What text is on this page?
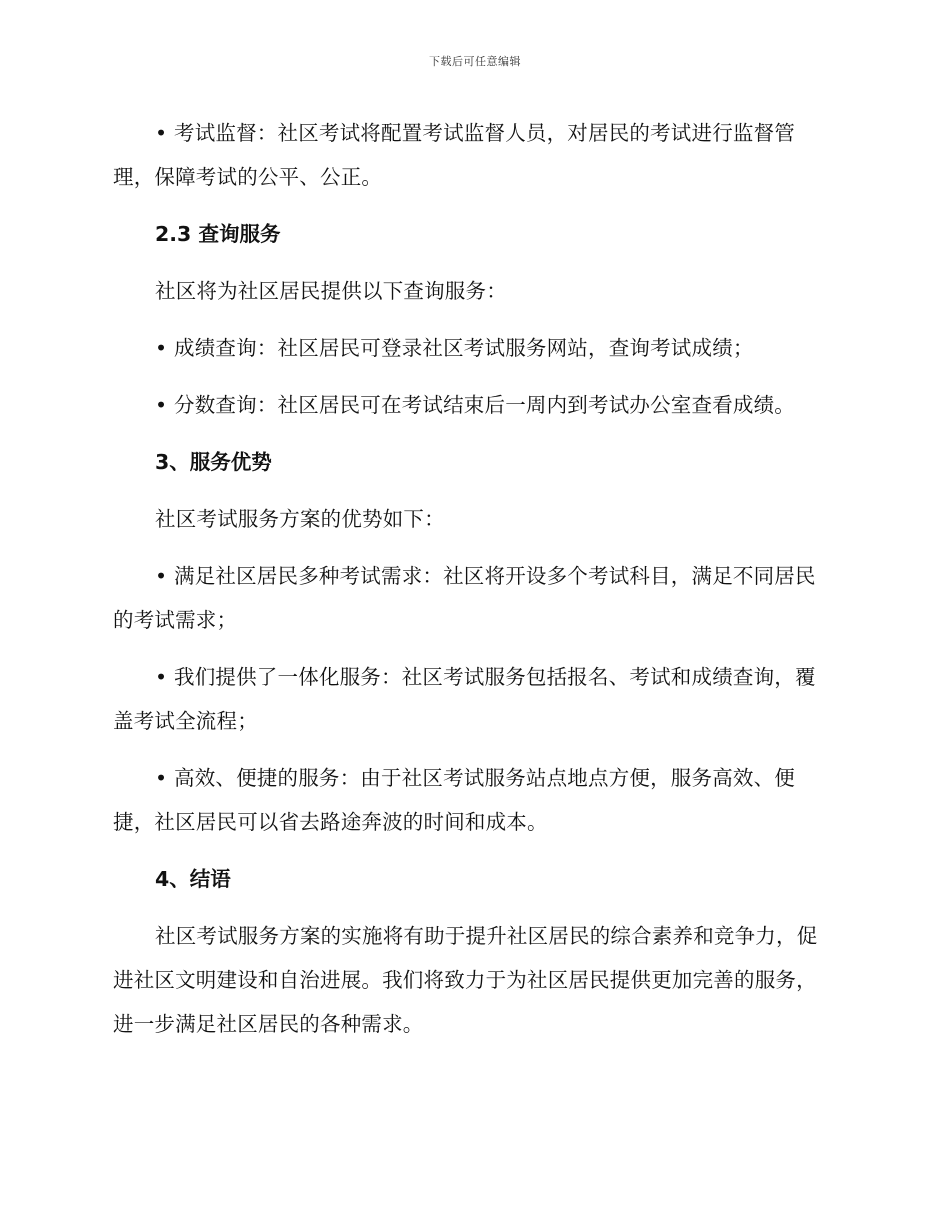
下载后可任意编辑

• 考试监督：社区考试将配置考试监督人员，对居民的考试进行监督管理，保障考试的公平、公正。

2.3 查询服务

社区将为社区居民提供以下查询服务：

• 成绩查询：社区居民可登录社区考试服务网站，查询考试成绩；

• 分数查询：社区居民可在考试结束后一周内到考试办公室查看成绩。

3、服务优势

社区考试服务方案的优势如下：

• 满足社区居民多种考试需求：社区将开设多个考试科目，满足不同居民的考试需求；

• 我们提供了一体化服务：社区考试服务包括报名、考试和成绩查询，覆盖考试全流程；

• 高效、便捷的服务：由于社区考试服务站点地点方便，服务高效、便捷，社区居民可以省去路途奔波的时间和成本。

4、结语

社区考试服务方案的实施将有助于提升社区居民的综合素养和竞争力，促进社区文明建设和自治进展。我们将致力于为社区居民提供更加完善的服务，进一步满足社区居民的各种需求。
